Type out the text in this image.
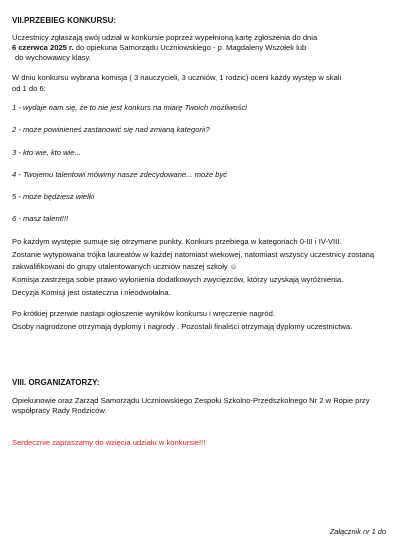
VII.PRZEBIEG KONKURSU:
Uczestnicy zgłaszają swój udział w konkursie poprzez wypełnioną kartę zgłoszenia do dnia
6 czerwca 2025 r. do opiekuna Samorządu Uczniowskiego - p. Magdaleny Wszołek lub
do wychowawcy klasy.
W dniu konkursu wybrana komisja ( 3 nauczycieli, 3 uczniów, 1 rodzic) oceni każdy występ w skali
od 1 do 6:
1 - wydaje nam się, że to nie jest konkurs na miarę Twoich możliwości
2 - może powinieneś zastanowić się nad zmianą kategorii?
3 - kto wie, kto wie...
4 - Twojemu talentowi mówimy nasze zdecydowane... może być
5 - może będziesz wielki
6 - masz talent!!!
Po każdym występie sumuje się otrzymane punkty. Konkurs przebiega w kategoriach 0-III i IV-VIII.
Zostanie wytypowana trójka laureatów w każdej natomiast wiekowej, natomiast wszyscy uczestnicy zostaną
zakwalifikowani do grupy utalentowanych uczniów naszej szkoły ☺
Komisja zastrzega sobie prawo wyłonienia dodatkowych zwycięzców, którzy uzyskają wyróżnienia.
Decyzja Komisji jest ostateczna i nieodwołalna.
Po krótkiej przerwie nastąpi ogłoszenie wyników konkursu i wręczenie nagród.
Osoby nagrodzone otrzymają dyplomy i nagrody . Pozostali finaliści otrzymają dyplomy uczestnictwa.
VIII. ORGANIZATORZY:
Opiekunowie oraz Zarząd Samorządu Uczniowskiego Zespołu Szkolno-Przedszkolnego Nr 2 w Ropie przy
współpracy Rady Rodziców.
Serdecznie zapraszamy do wzięcia udziału w konkursie!!!
Załącznik nr 1 do
